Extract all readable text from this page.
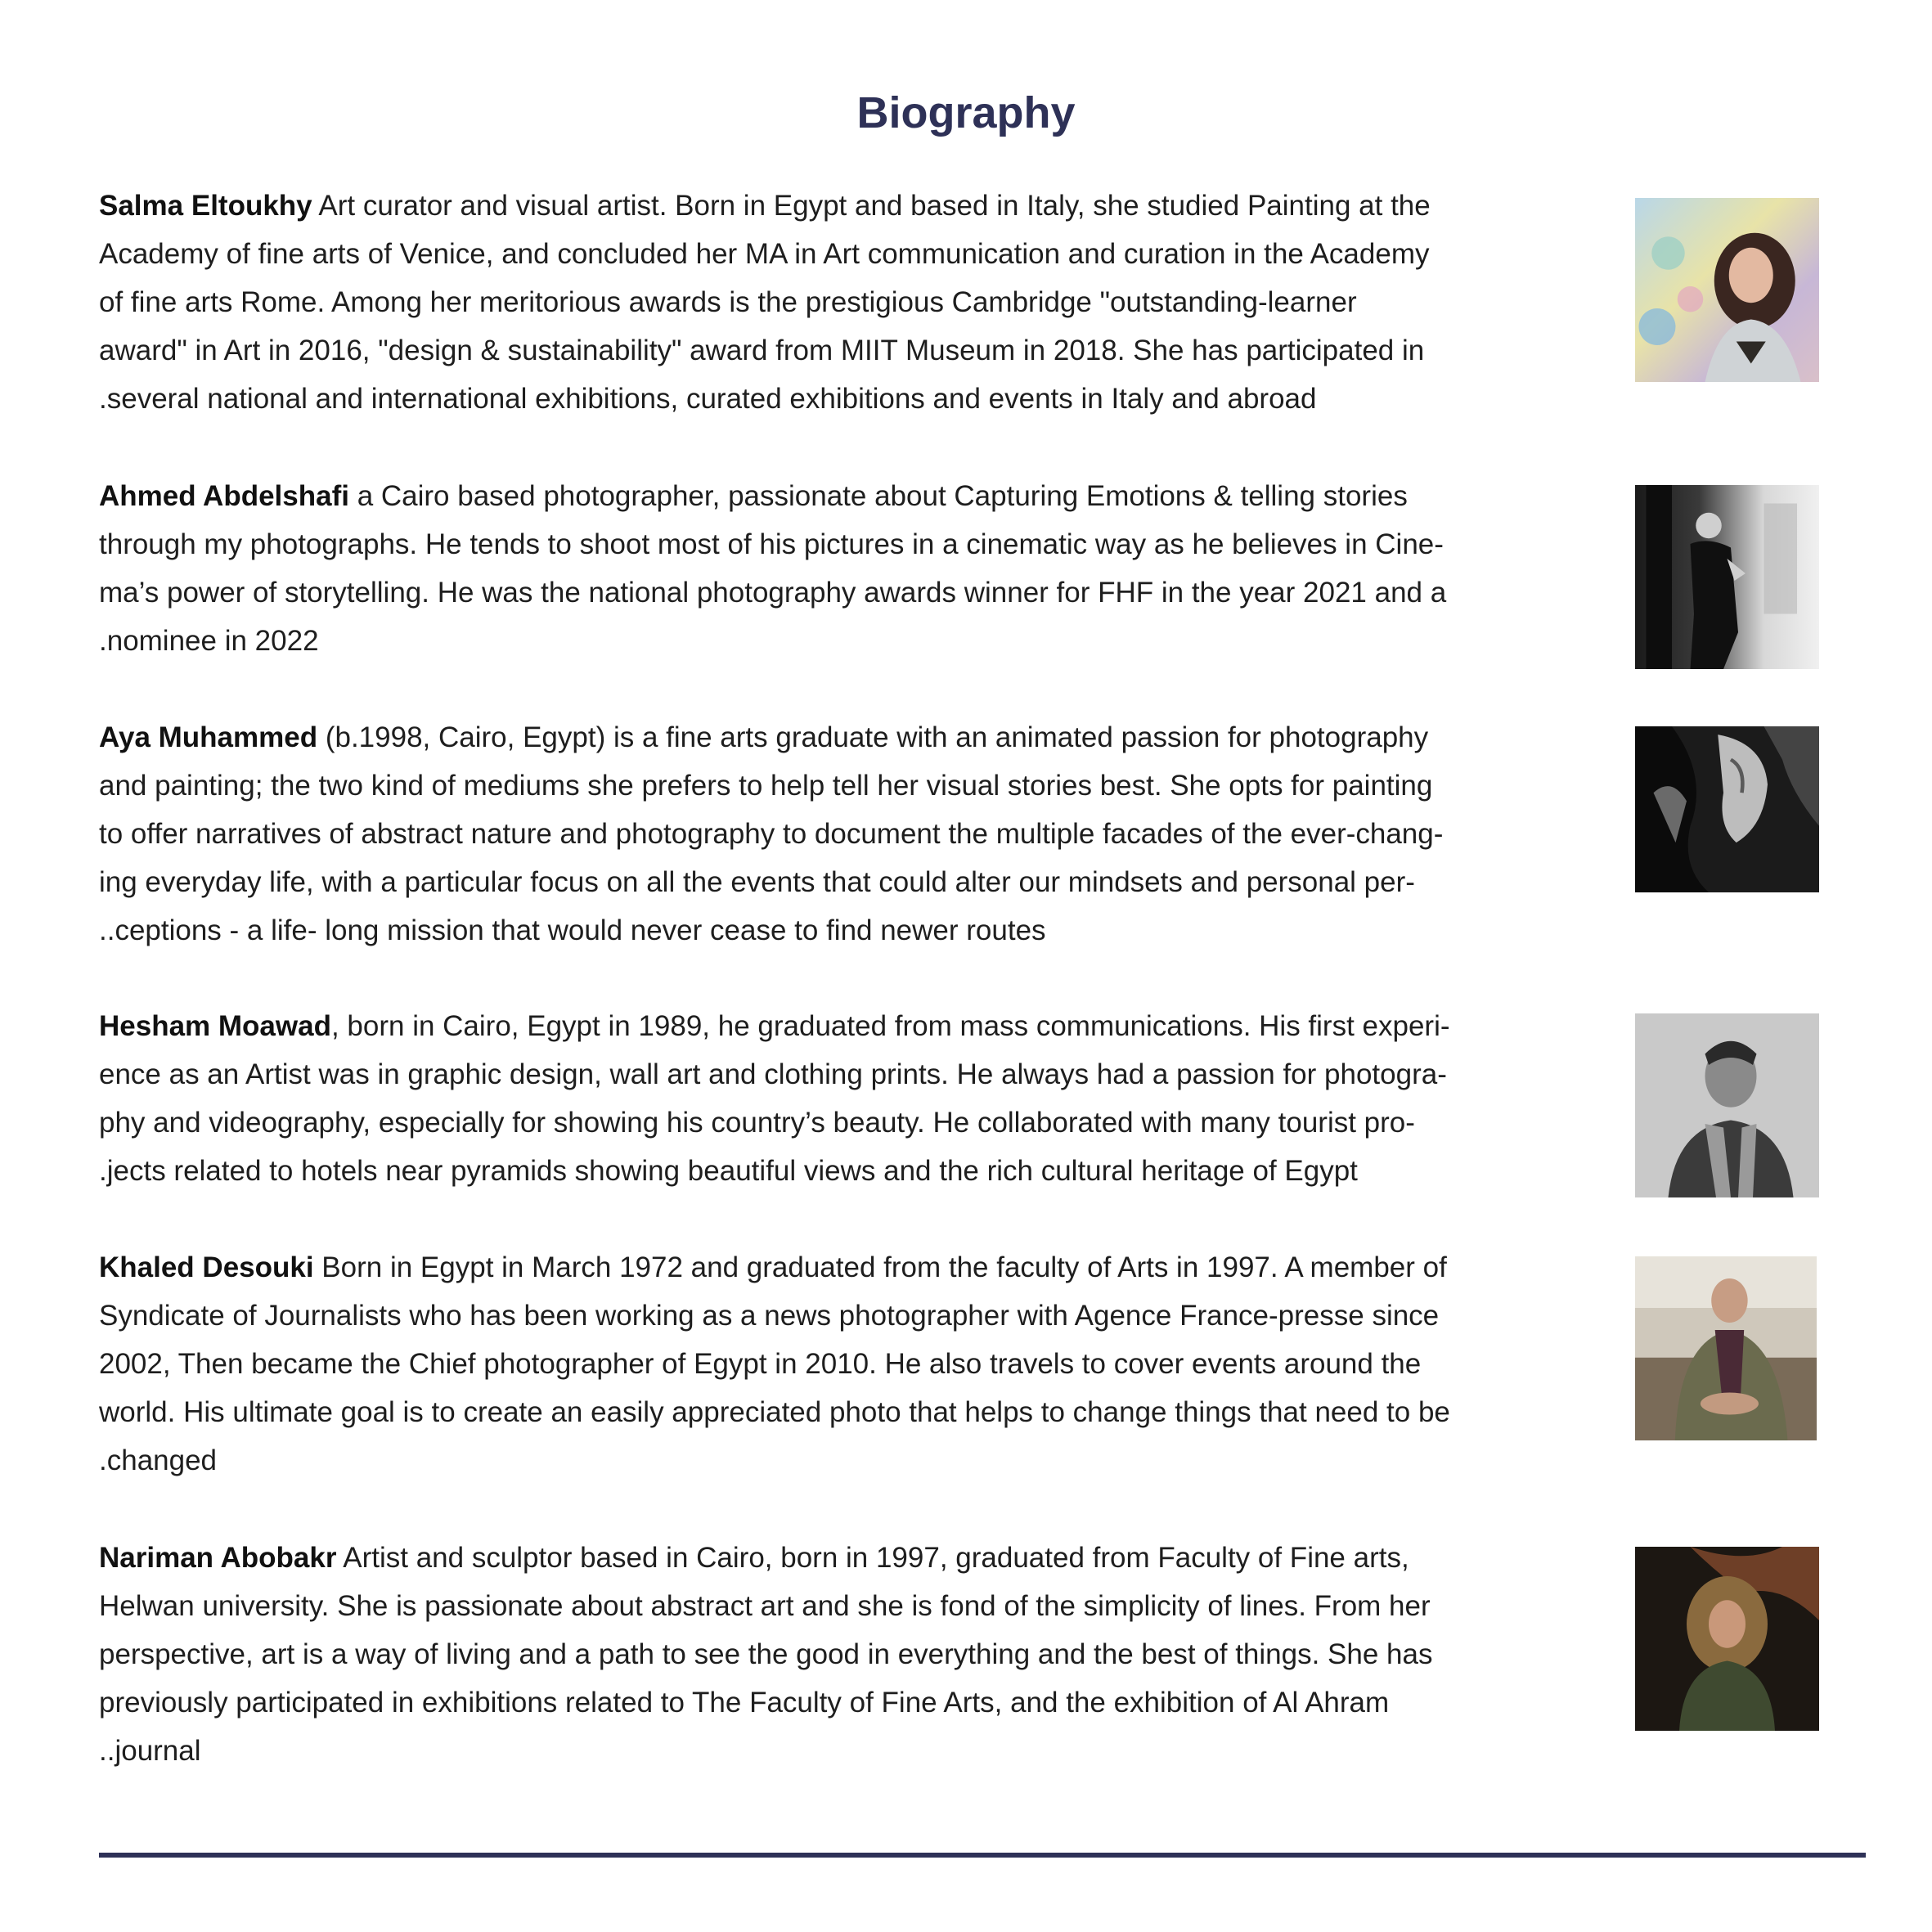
Biography

Salma Eltoukhy Art curator and visual artist. Born in Egypt and based in Italy, she studied Painting at the
Academy of fine arts of Venice, and concluded her MA in Art communication and curation in the Academy
of fine arts Rome. Among her meritorious awards is the prestigious Cambridge "outstanding-learner
award" in Art in 2016, "design & sustainability" award from MIIT Museum in 2018. She has participated in
.several national and international exhibitions, curated exhibitions and events in Italy and abroad

Ahmed Abdelshafi a Cairo based photographer, passionate about Capturing Emotions & telling stories
through my photographs. He tends to shoot most of his pictures in a cinematic way as he believes in Cine-
ma’s power of storytelling. He was the national photography awards winner for FHF in the year 2021 and a
.nominee in 2022

Aya Muhammed (b.1998, Cairo, Egypt) is a fine arts graduate with an animated passion for photography
and painting; the two kind of mediums she prefers to help tell her visual stories best. She opts for painting
to offer narratives of abstract nature and photography to document the multiple facades of the ever-chang-
ing everyday life, with a particular focus on all the events that could alter our mindsets and personal per-
..ceptions - a life- long mission that would never cease to find newer routes

Hesham Moawad, born in Cairo, Egypt in 1989, he graduated from mass communications. His first experi-
ence as an Artist was in graphic design, wall art and clothing prints. He always had a passion for photogra-
phy and videography, especially for showing his country’s beauty. He collaborated with many tourist pro-
.jects related to hotels near pyramids showing beautiful views and the rich cultural heritage of Egypt

Khaled Desouki Born in Egypt in March 1972 and graduated from the faculty of Arts in 1997. A member of
Syndicate of Journalists who has been working as a news photographer with Agence France-presse since
2002, Then became the Chief photographer of Egypt in 2010. He also travels to cover events around the
world. His ultimate goal is to create an easily appreciated photo that helps to change things that need to be
.changed

Nariman Abobakr Artist and sculptor based in Cairo, born in 1997, graduated from Faculty of Fine arts,
Helwan university. She is passionate about abstract art and she is fond of the simplicity of lines. From her
perspective, art is a way of living and a path to see the good in everything and the best of things. She has
previously participated in exhibitions related to The Faculty of Fine Arts, and the exhibition of Al Ahram
..journal
